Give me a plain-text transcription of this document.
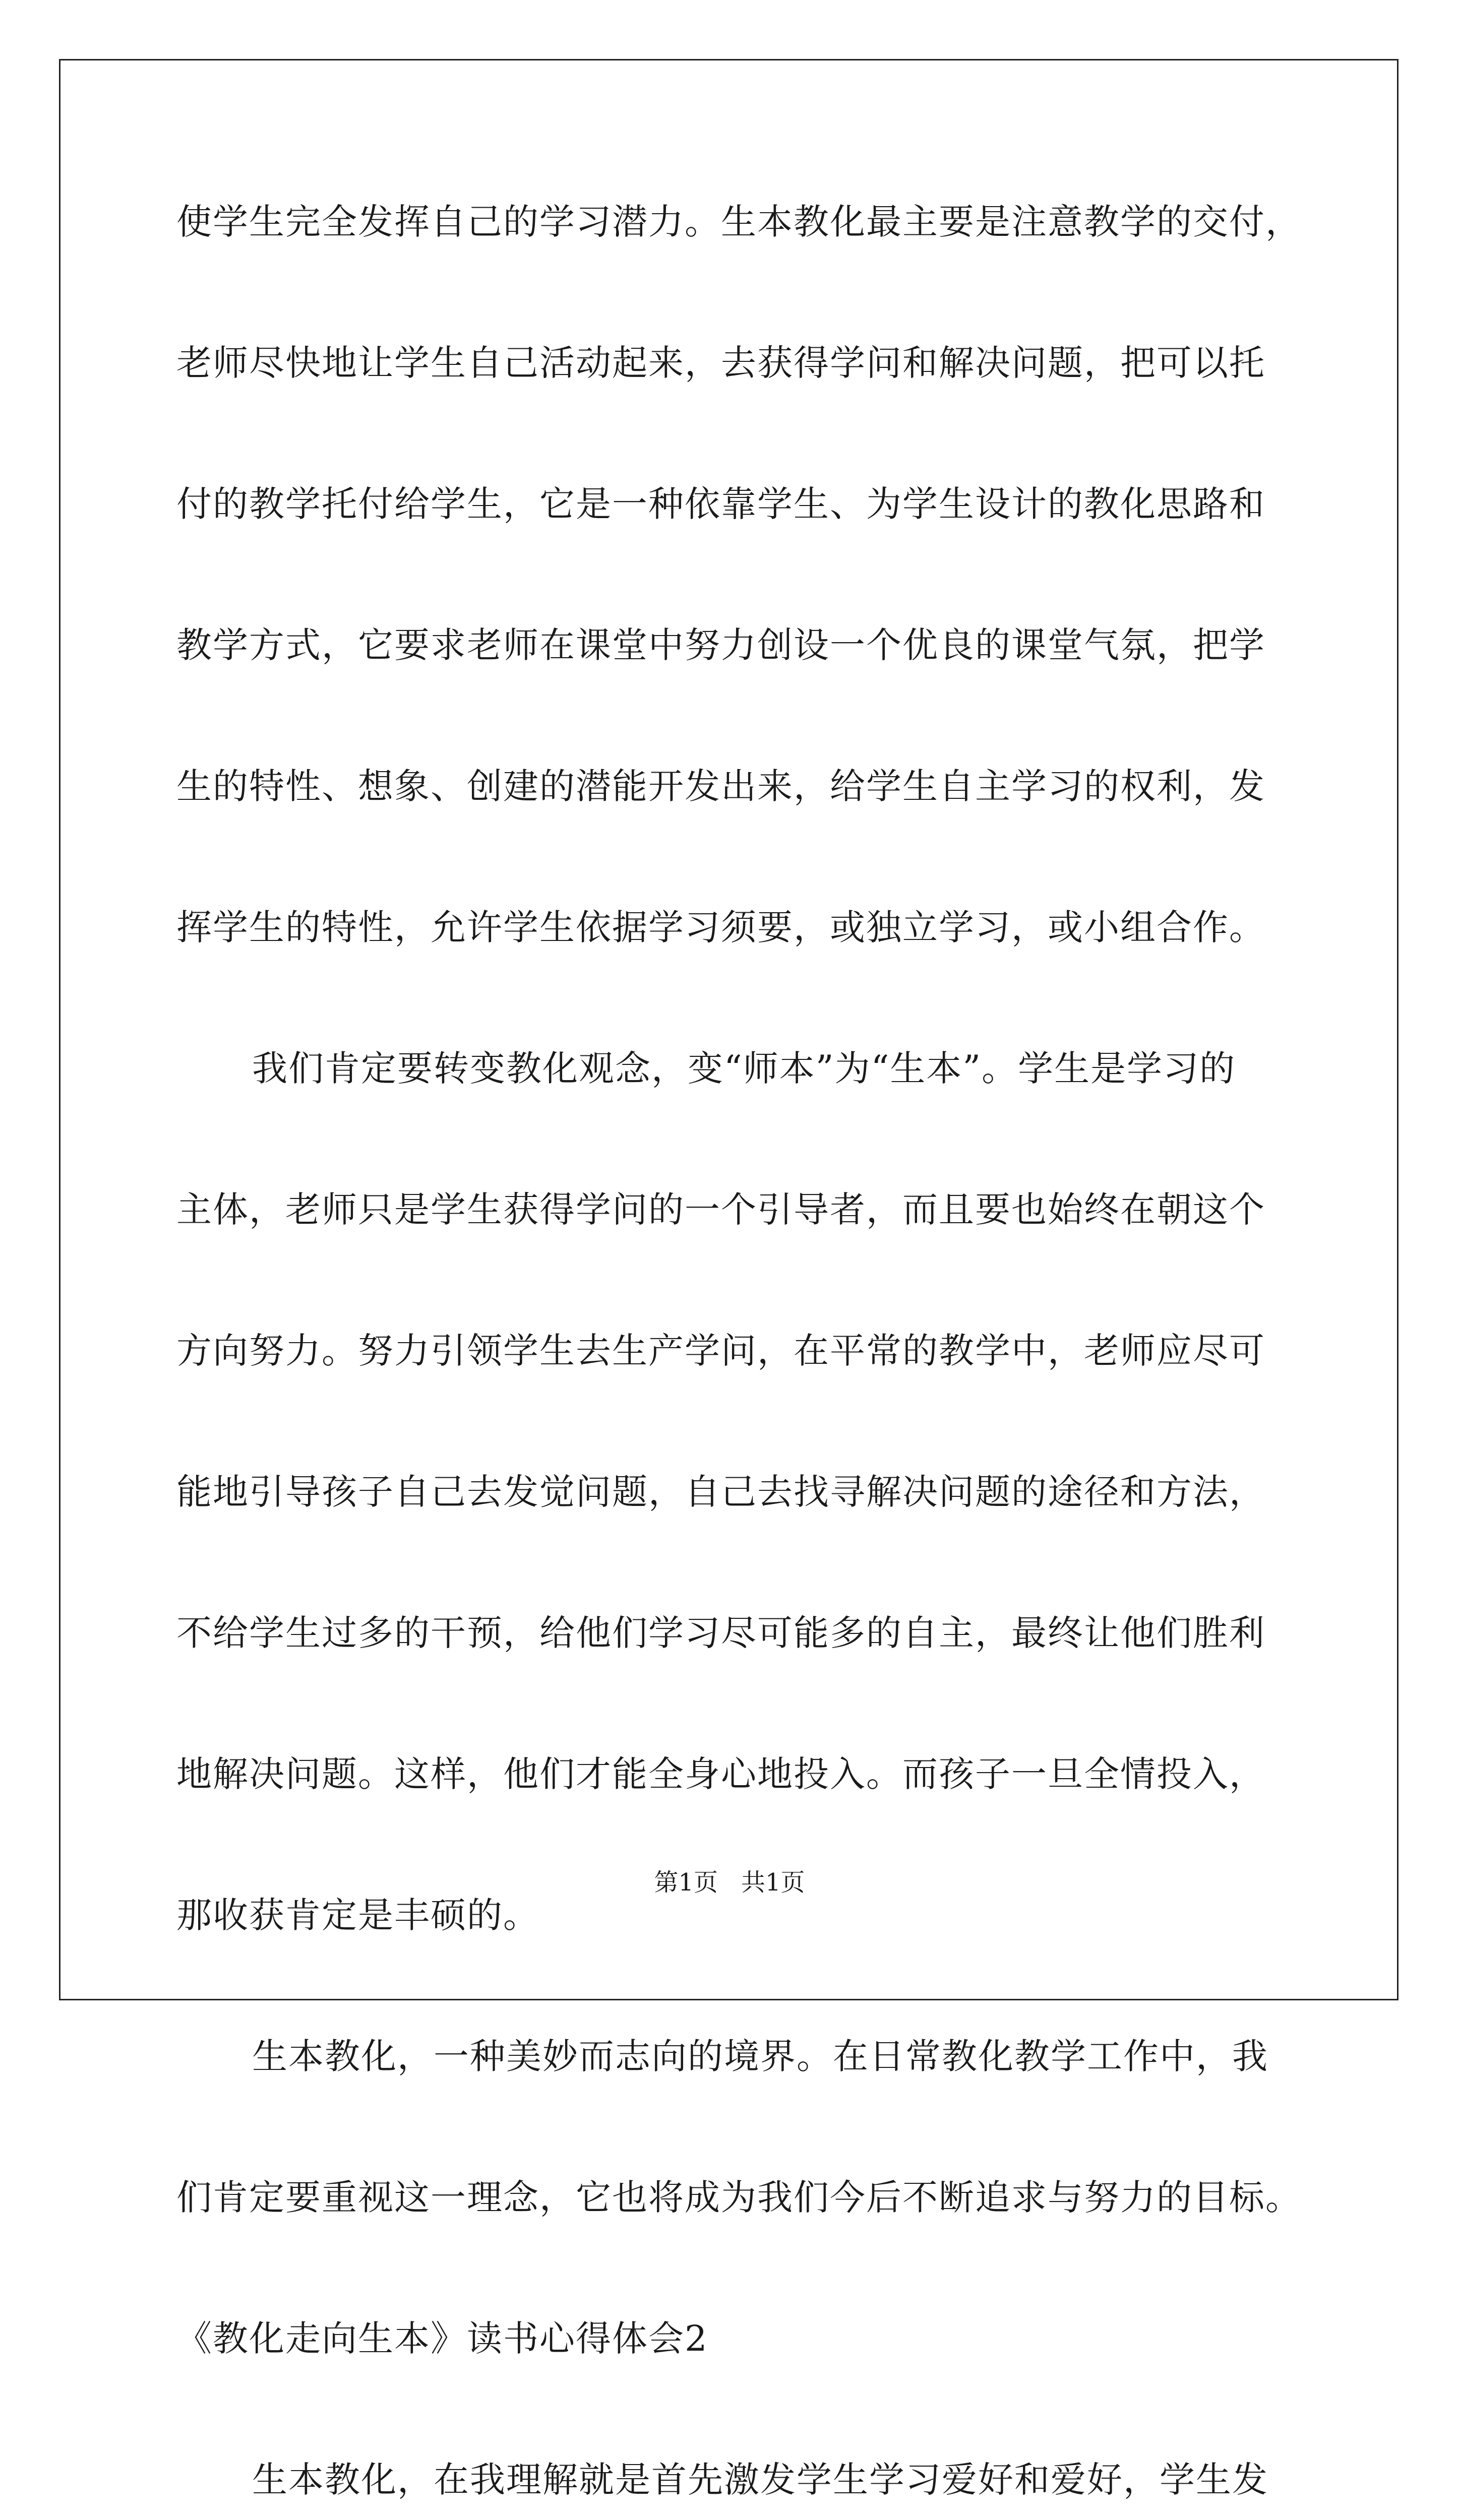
使学生完全发挥自己的学习潜力。生本教化最主要是注意教学的交付，
老师尽快地让学生自己活动起来，去获得学问和解决问题，把可以托
付的教学托付给学生，它是一种依靠学生、为学生设计的教化思路和
教学方式，它要求老师在课堂中努力创设一个优良的课堂气氛，把学
生的特性、想象、创建的潜能开发出来，给学生自主学习的权利，发
挥学生的特性，允许学生依据学习须要，或独立学习，或小组合作。
我们肯定要转变教化观念，变“师本”为“生本”。学生是学习的
主体，老师只是学生获得学问的一个引导者，而且要也始终在朝这个
方向努力。努力引领学生去生产学问，在平常的教学中，老师应尽可
能地引导孩子自己去发觉问题，自己去找寻解决问题的途径和方法，
不给学生过多的干预，给他们学习尽可能多的自主，最终让他们胜利
地解决问题。这样，他们才能全身心地投入。而孩子一旦全情投入，
那收获肯定是丰硕的。
生本教化，一种美妙而志向的境界。在日常教化教学工作中，我
们肯定要重视这一理念，它也将成为我们今后不断追求与努力的目标。
《教化走向生本》读书心得体会2
生本教化，在我理解就是首先激发学生学习爱好和爱好，学生发
第1页 共1页
